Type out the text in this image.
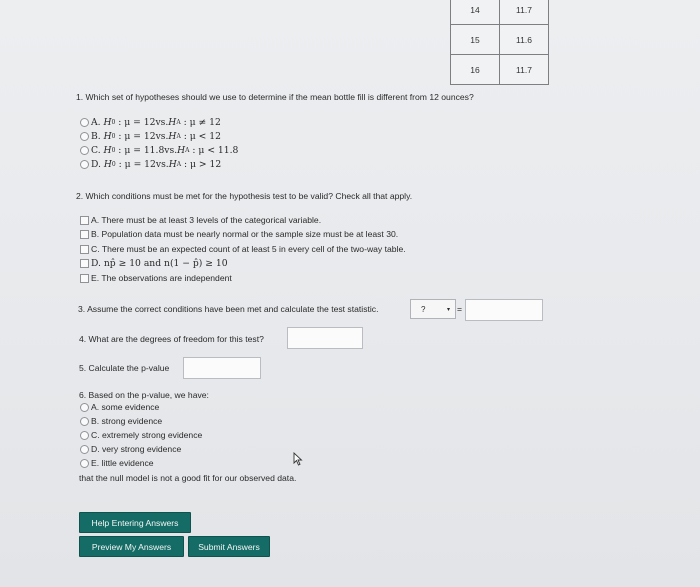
14	11.7
15	11.6
16	11.7
1. Which set of hypotheses should we use to determine if the mean bottle fill is different from 12 ounces?
A.
H 0 : μ = 12 vs. H A : μ ≠ 12
B.
H 0 : μ = 12 vs. H A : μ < 12
C.
H 0 : μ = 11.8 vs. H A : μ < 11.8
D.
H 0 : μ = 12 vs. H A : μ > 12
2. Which conditions must be met for the hypothesis test to be valid? Check all that apply.
A. There must be at least 3 levels of the categorical variable.
B. Population data must be nearly normal or the sample size must be at least 30.
C. There must be an expected count of at least 5 in every cell of the two-way table.
D. np̂ ≥ 10 and n(1 − p̂) ≥ 10
E. The observations are independent
3. Assume the correct conditions have been met and calculate the test statistic.	?	▾ =
4. What are the degrees of freedom for this test?
5. Calculate the p-value
6. Based on the p-value, we have:
A. some evidence
B. strong evidence
C. extremely strong evidence
D. very strong evidence
E. little evidence
that the null model is not a good fit for our observed data.
Help Entering Answers
Preview My Answers	Submit Answers
